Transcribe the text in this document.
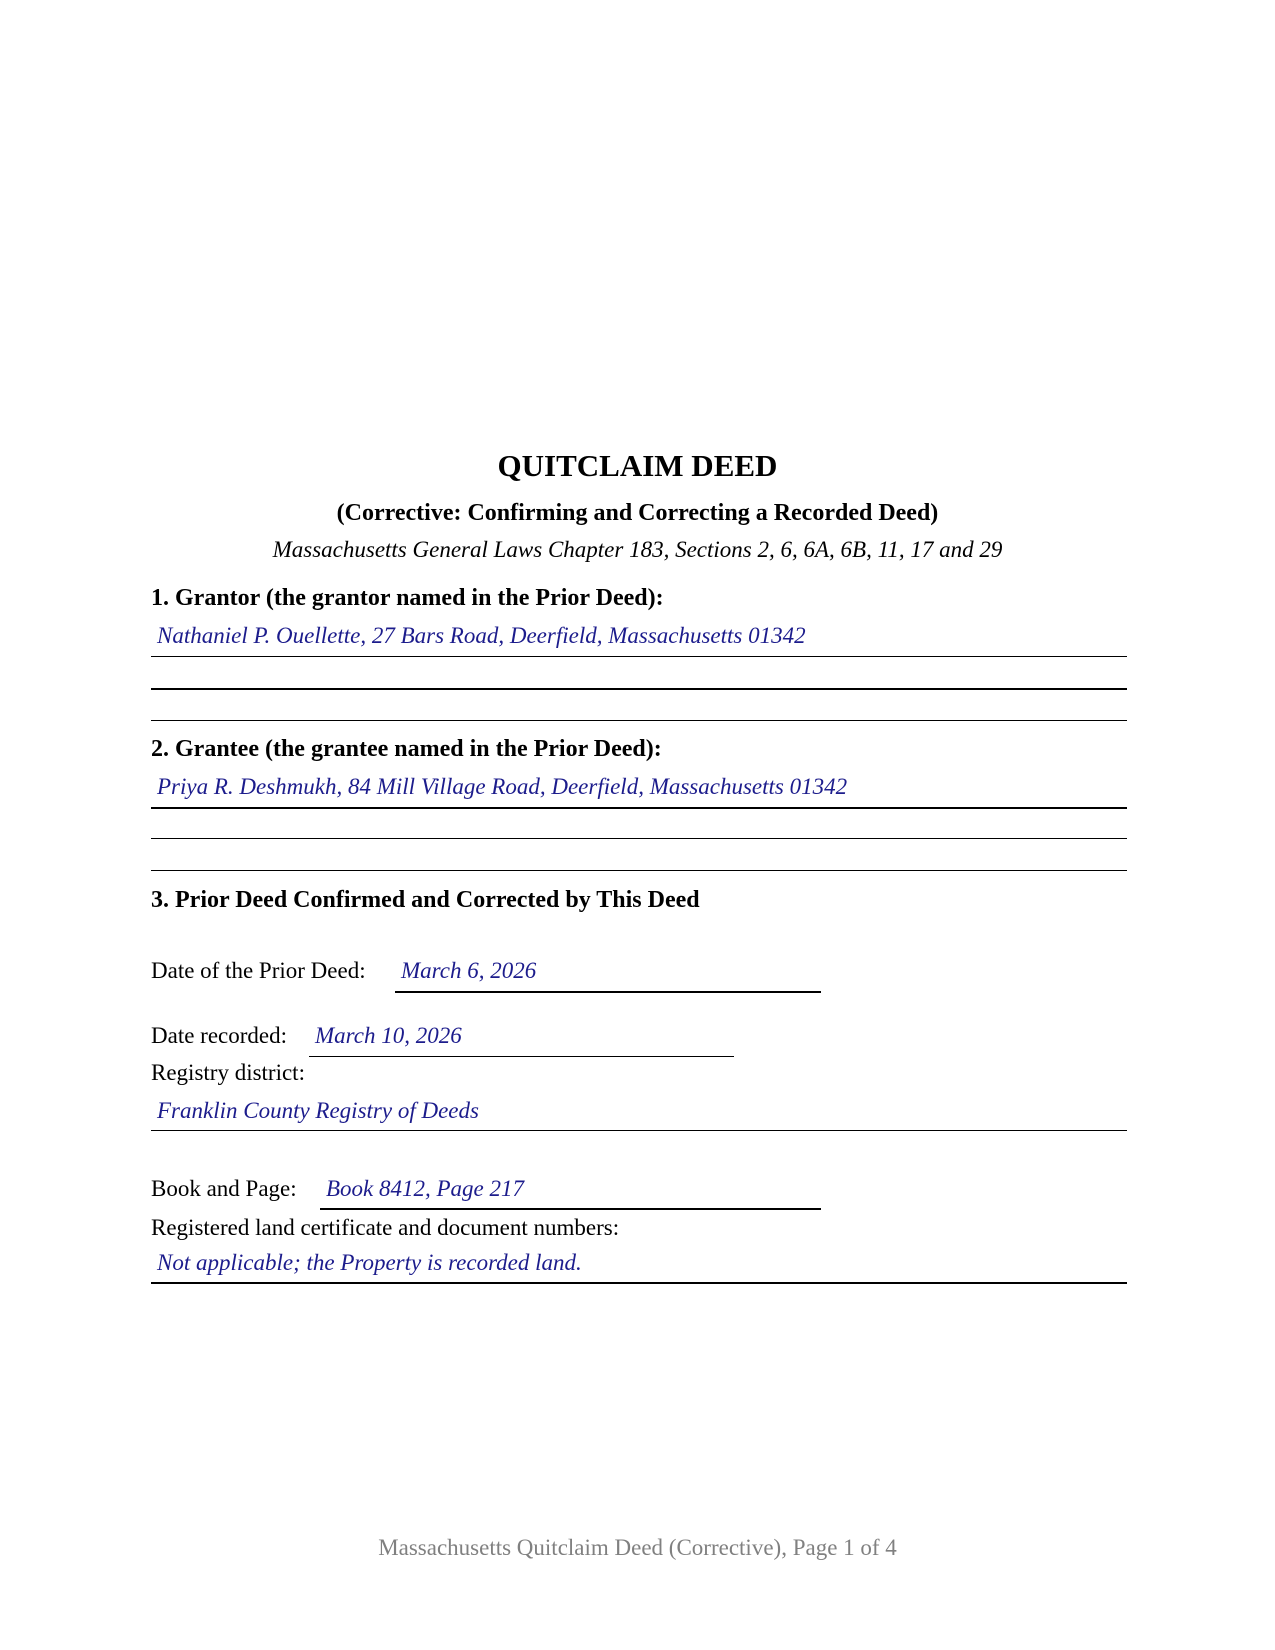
QUITCLAIM DEED
(Corrective: Confirming and Correcting a Recorded Deed)
Massachusetts General Laws Chapter 183, Sections 2, 6, 6A, 6B, 11, 17 and 29
1. Grantor (the grantor named in the Prior Deed):
Nathaniel P. Ouellette, 27 Bars Road, Deerfield, Massachusetts 01342
2. Grantee (the grantee named in the Prior Deed):
Priya R. Deshmukh, 84 Mill Village Road, Deerfield, Massachusetts 01342
3. Prior Deed Confirmed and Corrected by This Deed
Date of the Prior Deed: March 6, 2026
Date recorded: March 10, 2026
Registry district:
Franklin County Registry of Deeds
Book and Page: Book 8412, Page 217
Registered land certificate and document numbers:
Not applicable; the Property is recorded land.
Massachusetts Quitclaim Deed (Corrective), Page 1 of 4
